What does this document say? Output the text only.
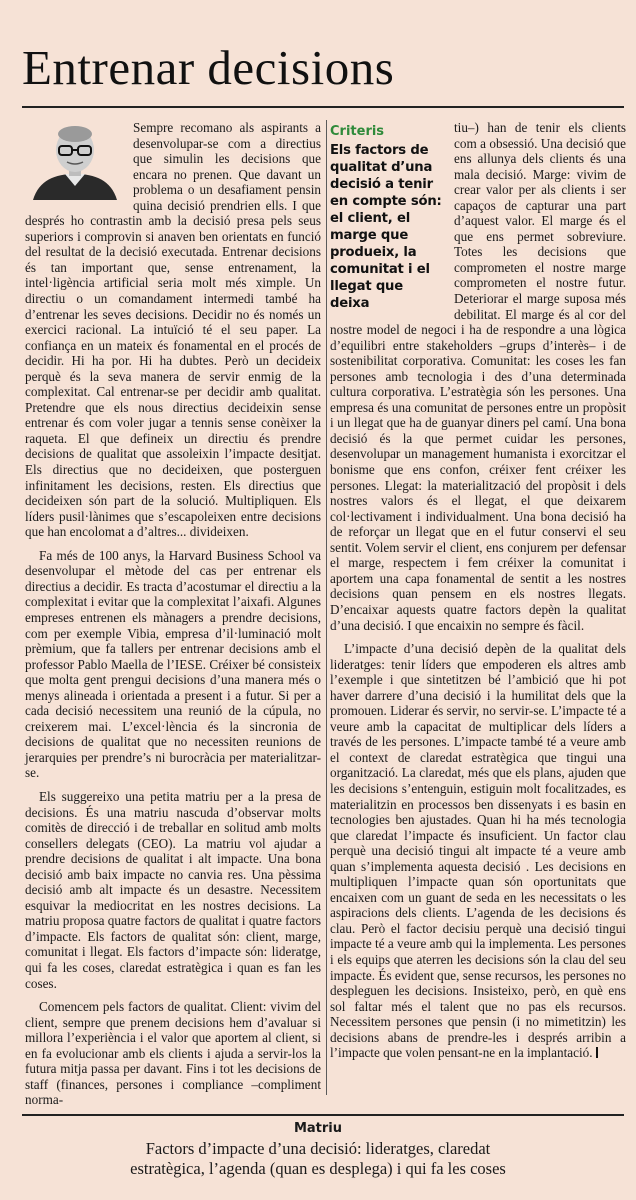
Entrenar decisions

Sempre recomano als aspirants a desenvolupar-se com a directius que simulin les decisions que encara no prenen. Que davant un problema o un desafiament pensin quina decisió prendrien ells. I que després ho contrastin amb la decisió presa pels seus superiors i comprovin si anaven ben orientats en funció del resultat de la decisió executada. Entrenar decisions és tan important que, sense entrenament, la intel·ligència artificial seria molt més ximple. Un directiu o un comandament intermedi també ha d’entrenar les seves decisions. Decidir no és només un exercici racional. La intuïció té el seu paper. La confiança en un mateix és fonamental en el procés de decidir. Hi ha por. Hi ha dubtes. Però un decideix perquè és la seva manera de servir enmig de la complexitat. Cal entrenar-se per decidir amb qualitat. Pretendre que els nous directius decideixin sense entrenar és com voler jugar a tennis sense conèixer la raqueta. El que defineix un directiu és prendre decisions de qualitat que assoleixin l’impacte desitjat. Els directius que no decideixen, que posterguen infinitament les decisions, resten. Els directius que decideixen són part de la solució. Multipliquen. Els líders pusil·lànimes que s’escapoleixen entre decisions que han encolomat a d’altres... divideixen.

Fa més de 100 anys, la Harvard Business School va desenvolupar el mètode del cas per entrenar els directius a decidir. Es tracta d’acostumar el directiu a la complexitat i evitar que la complexitat l’aixafi. Algunes empreses entrenen els mànagers a prendre decisions, com per exemple Vibia, empresa d’il·luminació molt prèmium, que fa tallers per entrenar decisions amb el professor Pablo Maella de l’IESE. Créixer bé consisteix que molta gent prengui decisions d’una manera més o menys alineada i orientada a present i a futur. Si per a cada decisió necessitem una reunió de la cúpula, no creixerem mai. L’excel·lència és la sincronia de decisions de qualitat que no necessiten reunions de jerarquies per prendre’s ni burocràcia per materialitzar-se.

Els suggereixo una petita matriu per a la presa de decisions. És una matriu nascuda d’observar molts comitès de direcció i de treballar en solitud amb molts consellers delegats (CEO). La matriu vol ajudar a prendre decisions de qualitat i alt impacte. Una bona decisió amb baix impacte no canvia res. Una pèssima decisió amb alt impacte és un desastre. Necessitem esquivar la mediocritat en les nostres decisions. La matriu proposa quatre factors de qualitat i quatre factors d’impacte. Els factors de qualitat són: client, marge, comunitat i llegat. Els factors d’impacte són: lideratge, qui fa les coses, claredat estratègica i quan es fan les coses.

Comencem pels factors de qualitat. Client: vivim del client, sempre que prenem decisions hem d’avaluar si millora l’experiència i el valor que aportem al client, si en fa evolucionar amb els clients i ajuda a servir-los la futura mitja passa per davant. Fins i tot les decisions de staff (finances, persones i compliance –compliment norma-

Criteris
Els factors de qualitat d’una decisió a tenir en compte són: el client, el marge que produeix, la comunitat i el llegat que deixa
tiu–) han de tenir els clients com a obsessió. Una decisió que ens allunya dels clients és una mala decisió. Marge: vivim de crear valor per als clients i ser capaços de capturar una part d’aquest valor. El marge és el que ens permet sobreviure. Totes les decisions que comprometen el nostre marge comprometen el nostre futur. Deteriorar el marge suposa més debilitat. El marge és al cor del nostre model de negoci i ha de respondre a una lògica d’equilibri entre stakeholders –grups d’interès– i de sostenibilitat corporativa. Comunitat: les coses les fan persones amb tecnologia i des d’una determinada cultura corporativa. L’estratègia són les persones. Una empresa és una comunitat de persones entre un propòsit i un llegat que ha de guanyar diners pel camí. Una bona decisió és la que permet cuidar les persones, desenvolupar un management humanista i exorcitzar el bonisme que ens confon, créixer fent créixer les persones. Llegat: la materialització del propòsit i dels nostres valors és el llegat, el que deixarem col·lectivament i individualment. Una bona decisió ha de reforçar un llegat que en el futur conservi el seu sentit. Volem servir el client, ens conjurem per defensar el marge, respectem i fem créixer la comunitat i aportem una capa fonamental de sentit a les nostres decisions quan pensem en els nostres llegats. D’encaixar aquests quatre factors depèn la qualitat d’una decisió. I que encaixin no sempre és fàcil.

L’impacte d’una decisió depèn de la qualitat dels lideratges: tenir líders que empoderen els altres amb l’exemple i que sintetitzen bé l’ambició que hi pot haver darrere d’una decisió i la humilitat dels que la promouen. Liderar és servir, no servir-se. L’impacte té a veure amb la capacitat de multiplicar dels líders a través de les persones. L’impacte també té a veure amb el context de claredat estratègica que tingui una organització. La claredat, més que els plans, ajuden que les decisions s’entenguin, estiguin molt focalitzades, es materialitzin en processos ben dissenyats i es basin en tecnologies ben ajustades. Quan hi ha més tecnologia que claredat l’impacte és insuficient. Un factor clau perquè una decisió tingui alt impacte té a veure amb quan s’implementa aquesta decisió . Les decisions en multipliquen l’impacte quan són oportunitats que encaixen com un guant de seda en les necessitats o les aspiracions dels clients. L’agenda de les decisions és clau. Però el factor decisiu perquè una decisió tingui impacte té a veure amb qui la implementa. Les persones i els equips que aterren les decisions són la clau del seu impacte. És evident que, sense recursos, les persones no despleguen les decisions. Insisteixo, però, en què ens sol faltar més el talent que no pas els recursos. Necessitem persones que pensin (i no mimetitzin) les decisions abans de prendre-les i després arribin a l’impacte que volen pensant-ne en la implantació.

Matriu
Factors d’impacte d’una decisió: lideratges, claredat estratègica, l’agenda (quan es desplega) i qui fa les coses
